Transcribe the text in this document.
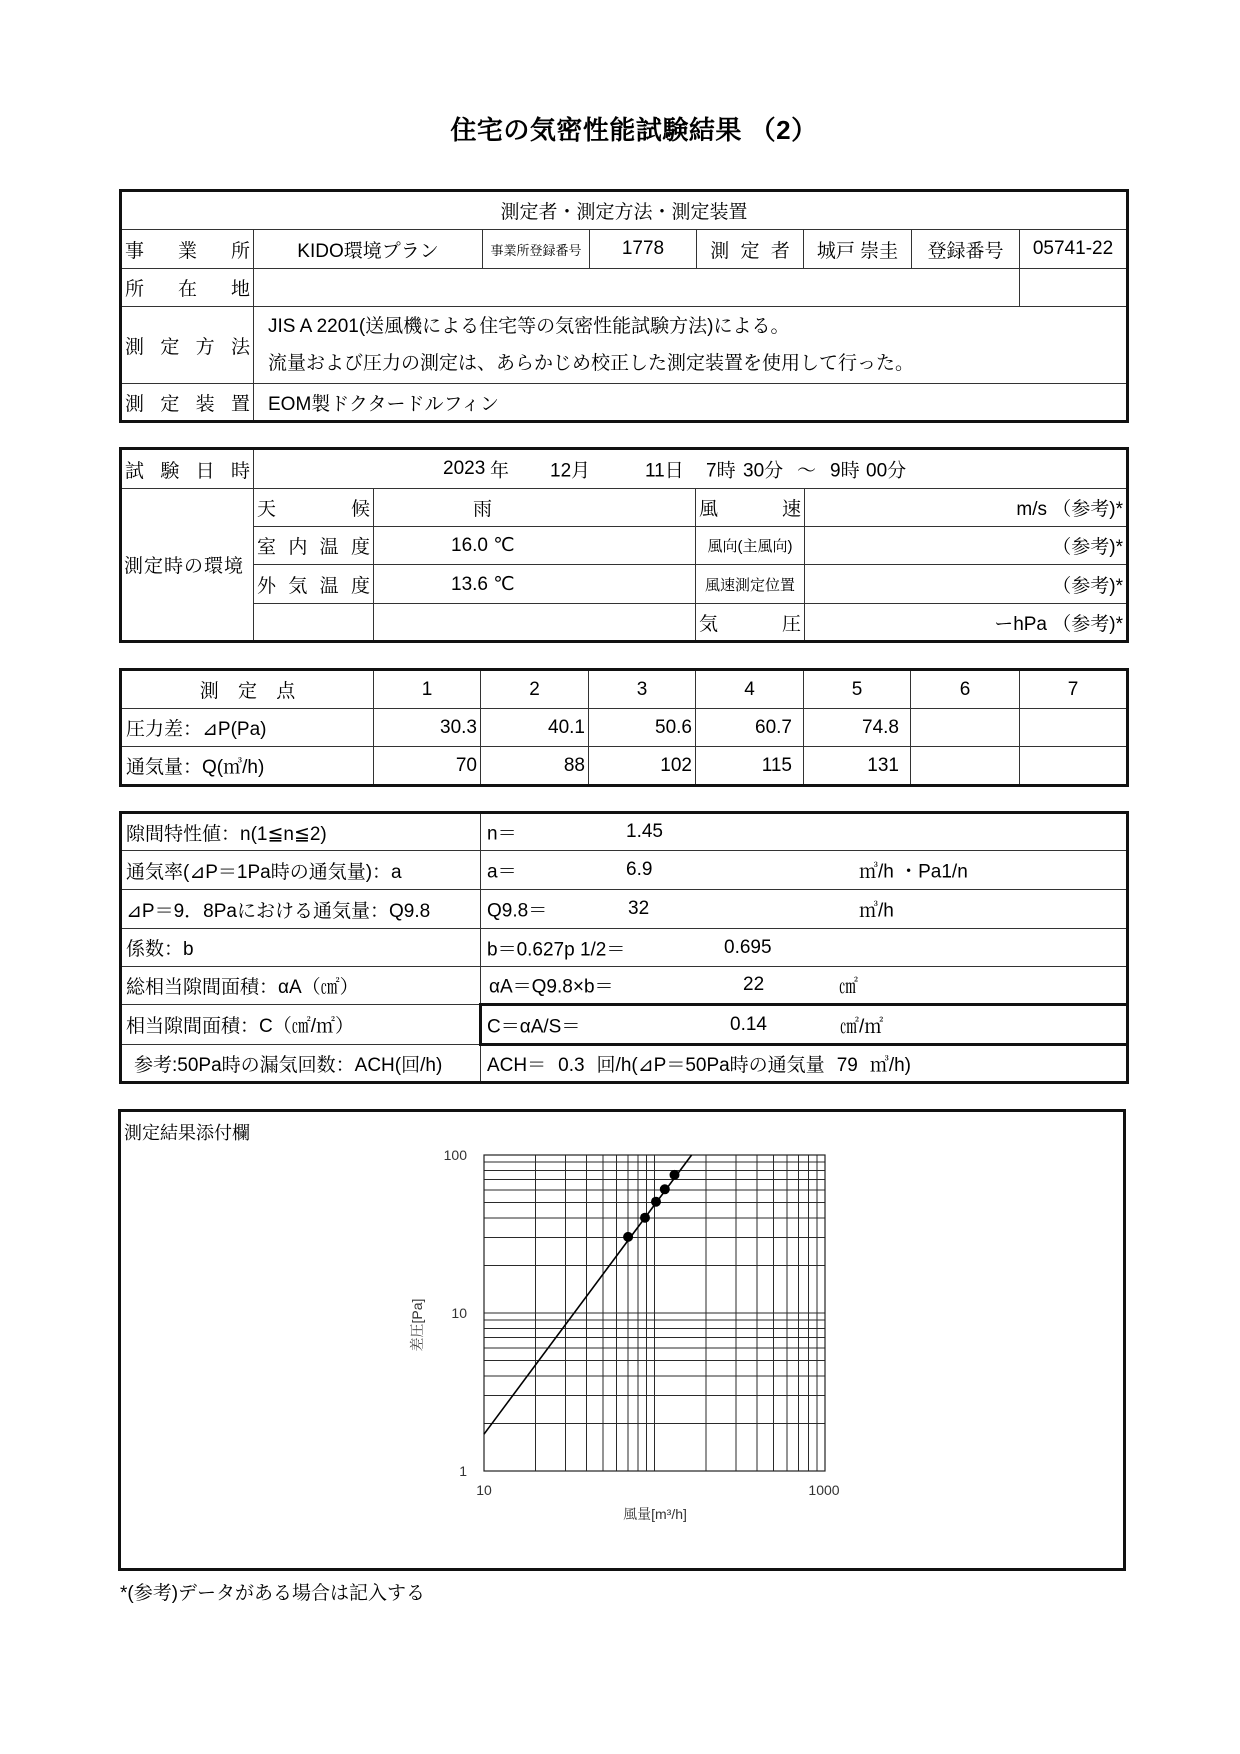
住宅の気密性能試験結果 （2）
測定者・測定方法・測定装置							
事 業 所	KIDO環境プラン	事業所登録番号	1778	測 定 者	城戸 崇圭	登録番号	05741-22
所 在 地							
測 定 方 法	JIS A 2201(送風機による住宅等の気密性能試験方法)による。
流量および圧力の測定は、あらかじめ校正した測定装置を使用して行った。						

測 定 装 置	EOM製ドクタードルフィン						
試 験 日 時	2023 年 12月	11日 7時 30分 ～ 9時 00分

測定時の環境	天 候	雨	風 速	m/s （参考)*
	室 内 温 度	16.0 ℃	風向(主風向)	（参考)*
	外 気 温 度	13.6 ℃	風速測定位置	（参考)*
			気 圧	ーhPa （参考)*
測 定 点	1	2	3	4	5	6	7
圧力差：⊿P(Pa)	30.3	40.1	50.6	60.7	74.8		
通気量：Q(㎥/h)	70	88	102	115	131		
隙間特性値：n(1≦n≦2)	n＝ 1.45

通気率(⊿P＝1Pa時の通気量)：a	a＝ 6.9 ㎥/h ・Pa1/n

⊿P＝9．8Paにおける通気量：Q9.8	Q9.8＝ 32 ㎥/h

係数：b	b＝0.627p 1/2＝ 0.695

総相当隙間面積：αA（㎠）	αA＝Q9.8×b＝ 22 ㎠

相当隙間面積：C（㎠/㎡）	C＝αA/S＝ 0.14 ㎠/㎡

参考:50Pa時の漏気回数：ACH(回/h)	ACH＝ 0.3 回/h(⊿P＝50Pa時の通気量 79 ㎥/h)
測定結果添付欄
100
10
1
10	1000
風量[m³/h]
差圧[Pa]
*(参考)データがある場合は記入する
